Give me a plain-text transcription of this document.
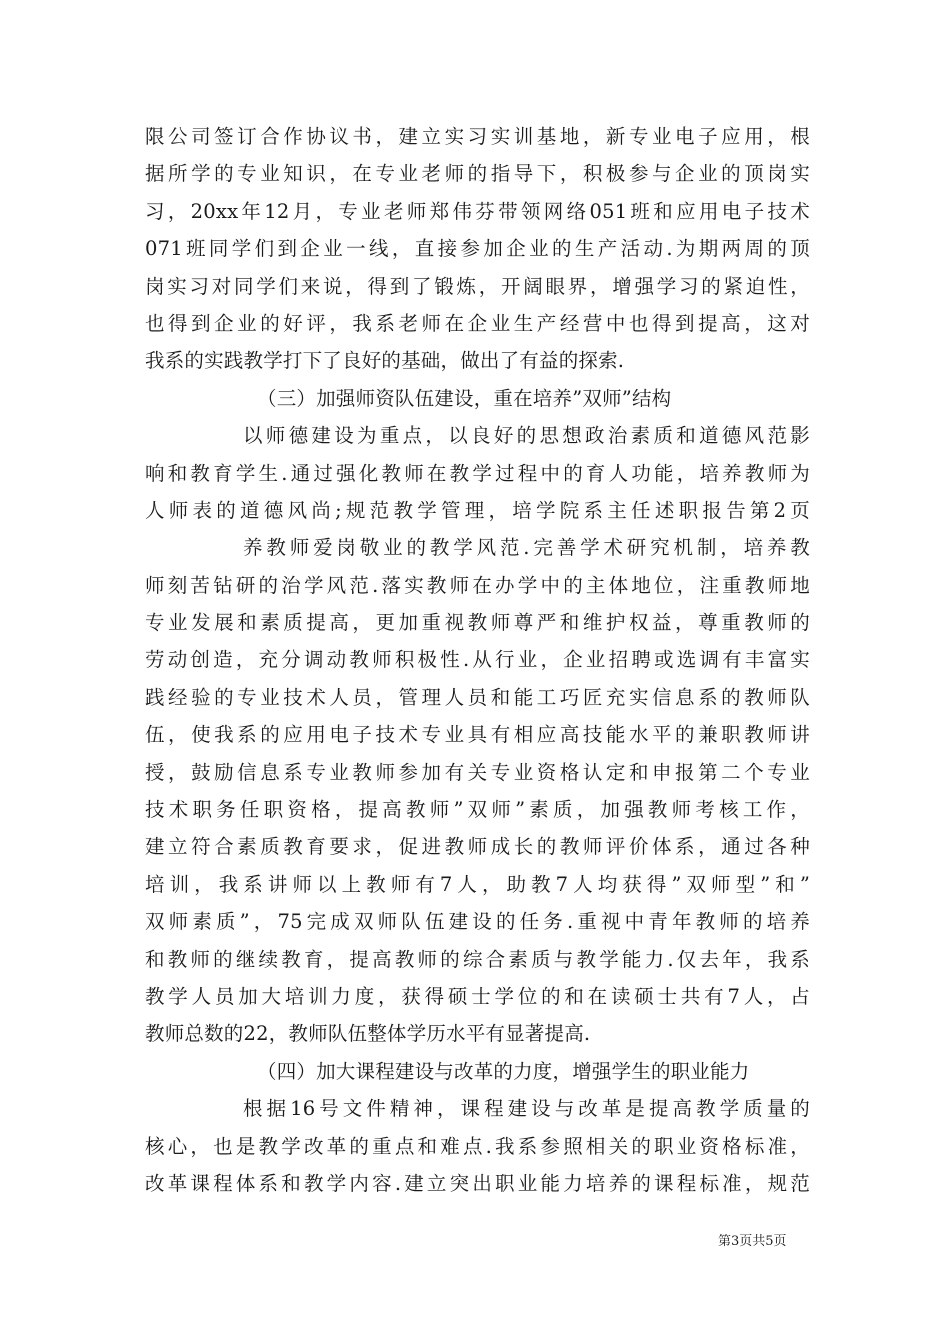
限公司签订合作协议书，建立实习实训基地，新专业电子应用，根
据所学的专业知识，在专业老师的指导下，积极参与企业的顶岗实
习，20xx年12月，专业老师郑伟芬带领网络051班和应用电子技术
071班同学们到企业一线，直接参加企业的生产活动.为期两周的顶
岗实习对同学们来说，得到了锻炼，开阔眼界，增强学习的紧迫性，
也得到企业的好评，我系老师在企业生产经营中也得到提高，这对
我系的实践教学打下了良好的基础，做出了有益的探索.
（三）加强师资队伍建设，重在培养”双师”结构
以师德建设为重点，以良好的思想政治素质和道德风范影
响和教育学生.通过强化教师在教学过程中的育人功能，培养教师为
人师表的道德风尚;规范教学管理，培学院系主任述职报告第2页
养教师爱岗敬业的教学风范.完善学术研究机制，培养教
师刻苦钻研的治学风范.落实教师在办学中的主体地位，注重教师地
专业发展和素质提高，更加重视教师尊严和维护权益，尊重教师的
劳动创造，充分调动教师积极性.从行业，企业招聘或选调有丰富实
践经验的专业技术人员，管理人员和能工巧匠充实信息系的教师队
伍，使我系的应用电子技术专业具有相应高技能水平的兼职教师讲
授，鼓励信息系专业教师参加有关专业资格认定和申报第二个专业
技术职务任职资格，提高教师”双师”素质，加强教师考核工作，
建立符合素质教育要求，促进教师成长的教师评价体系，通过各种
培训，我系讲师以上教师有7人，助教7人均获得”双师型”和”
双师素质”，75完成双师队伍建设的任务.重视中青年教师的培养
和教师的继续教育，提高教师的综合素质与教学能力.仅去年，我系
教学人员加大培训力度，获得硕士学位的和在读硕士共有7人，占
教师总数的22，教师队伍整体学历水平有显著提高.
（四）加大课程建设与改革的力度，增强学生的职业能力
根据16号文件精神，课程建设与改革是提高教学质量的
核心，也是教学改革的重点和难点.我系参照相关的职业资格标准，
改革课程体系和教学内容.建立突出职业能力培养的课程标准，规范
第3页共5页
